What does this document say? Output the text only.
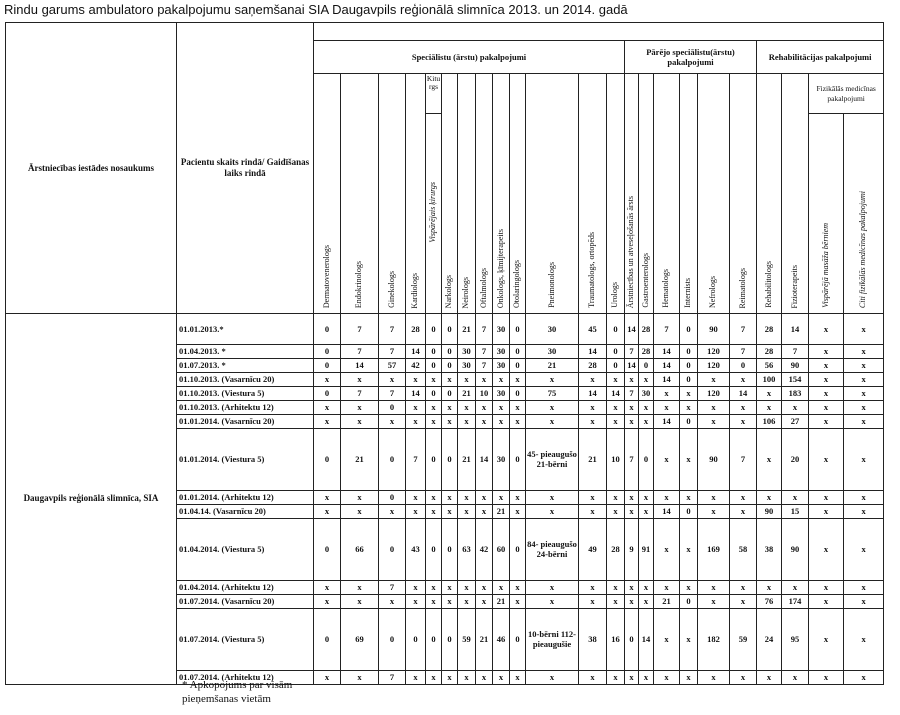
Rindu garums ambulatoro pakalpojumu saņemšanai SIA Daugavpils reģionālā slimnīca 2013. un 2014. gadā
Ārstniecības iestādes nosaukums	Pacientu skaits rindā/ Gaidīšanas laiks rindā																							
		Speciālistu (ārstu) pakalpojumi													Pārējo speciālistu(ārstu) pakalpojumi						Rehabilitācijas pakalpojumi			
		Dermatovenerologs	Endokrinologs	Ginekologs	Kardiologs	Kitu rgs	Narkologs	Neirologs	Oftalmologs	Onkologs, ķīmijterapeits	Otolaringologs	Pneimonologs	Traumatologs, ortopēds	Urologs	Ārstniecības un atveseļošanās ārsts	Gastroenterologs	Hematologs	Internists	Nefrologs	Reimatologs	Rehabilitologs	Fizioterapeits	Fizikālās medicīnas pakalpojumi	
						Vispārējais ķirurgs																	Vispārējā masāža bērniem	Citi fizikālās medicīnas pakalpojumi
Daugavpils reģionālā slimnīca, SIA	01.01.2013.*	0	7	7	28	0	0	21	7	30	0	30	45	0	14	28	7	0	90	7	28	14	x	x
	01.04.2013. *	0	7	7	14	0	0	30	7	30	0	30	14	0	7	28	14	0	120	7	28	7	x	x
	01.07.2013. *	0	14	57	42	0	0	30	7	30	0	21	28	0	14	0	14	0	120	0	56	90	x	x
	01.10.2013. (Vasarnīcu 20)	x	x	x	x	x	x	x	x	x	x	x	x	x	x	x	14	0	x	x	100	154	x	x
	01.10.2013. (Viestura 5)	0	7	7	14	0	0	21	10	30	0	75	14	14	7	30	x	x	120	14	x	183	x	x
	01.10.2013. (Arhitektu 12)	x	x	0	x	x	x	x	x	x	x	x	x	x	x	x	x	x	x	x	x	x	x	x
	01.01.2014. (Vasarnīcu 20)	x	x	x	x	x	x	x	x	x	x	x	x	x	x	x	14	0	x	x	106	27	x	x
	01.01.2014. (Viestura 5)	0	21	0	7	0	0	21	14	30	0	45- pieaugušo 21-bērni	21	10	7	0	x	x	90	7	x	20	x	x
	01.01.2014. (Arhitektu 12)	x	x	0	x	x	x	x	x	x	x	x	x	x	x	x	x	x	x	x	x	x	x	x
	01.04.14. (Vasarnīcu 20)	x	x	x	x	x	x	x	x	21	x	x	x	x	x	x	14	0	x	x	90	15	x	x
	01.04.2014. (Viestura 5)	0	66	0	43	0	0	63	42	60	0	84- pieaugušo 24-bērni	49	28	9	91	x	x	169	58	38	90	x	x
	01.04.2014. (Arhitektu 12)	x	x	7	x	x	x	x	x	x	x	x	x	x	x	x	x	x	x	x	x	x	x	x
	01.07.2014. (Vasarnīcu 20)	x	x	x	x	x	x	x	x	21	x	x	x	x	x	x	21	0	x	x	76	174	x	x
	01.07.2014. (Viestura 5)	0	69	0	0	0	0	59	21	46	0	10-bērni 112- pieaugušie	38	16	0	14	x	x	182	59	24	95	x	x
	01.07.2014. (Arhitektu 12)	x	x	7	x	x	x	x	x	x	x	x	x	x	x	x	x	x	x	x	x	x	x	x
* Apkopojums par visām
pieņemšanas vietām
